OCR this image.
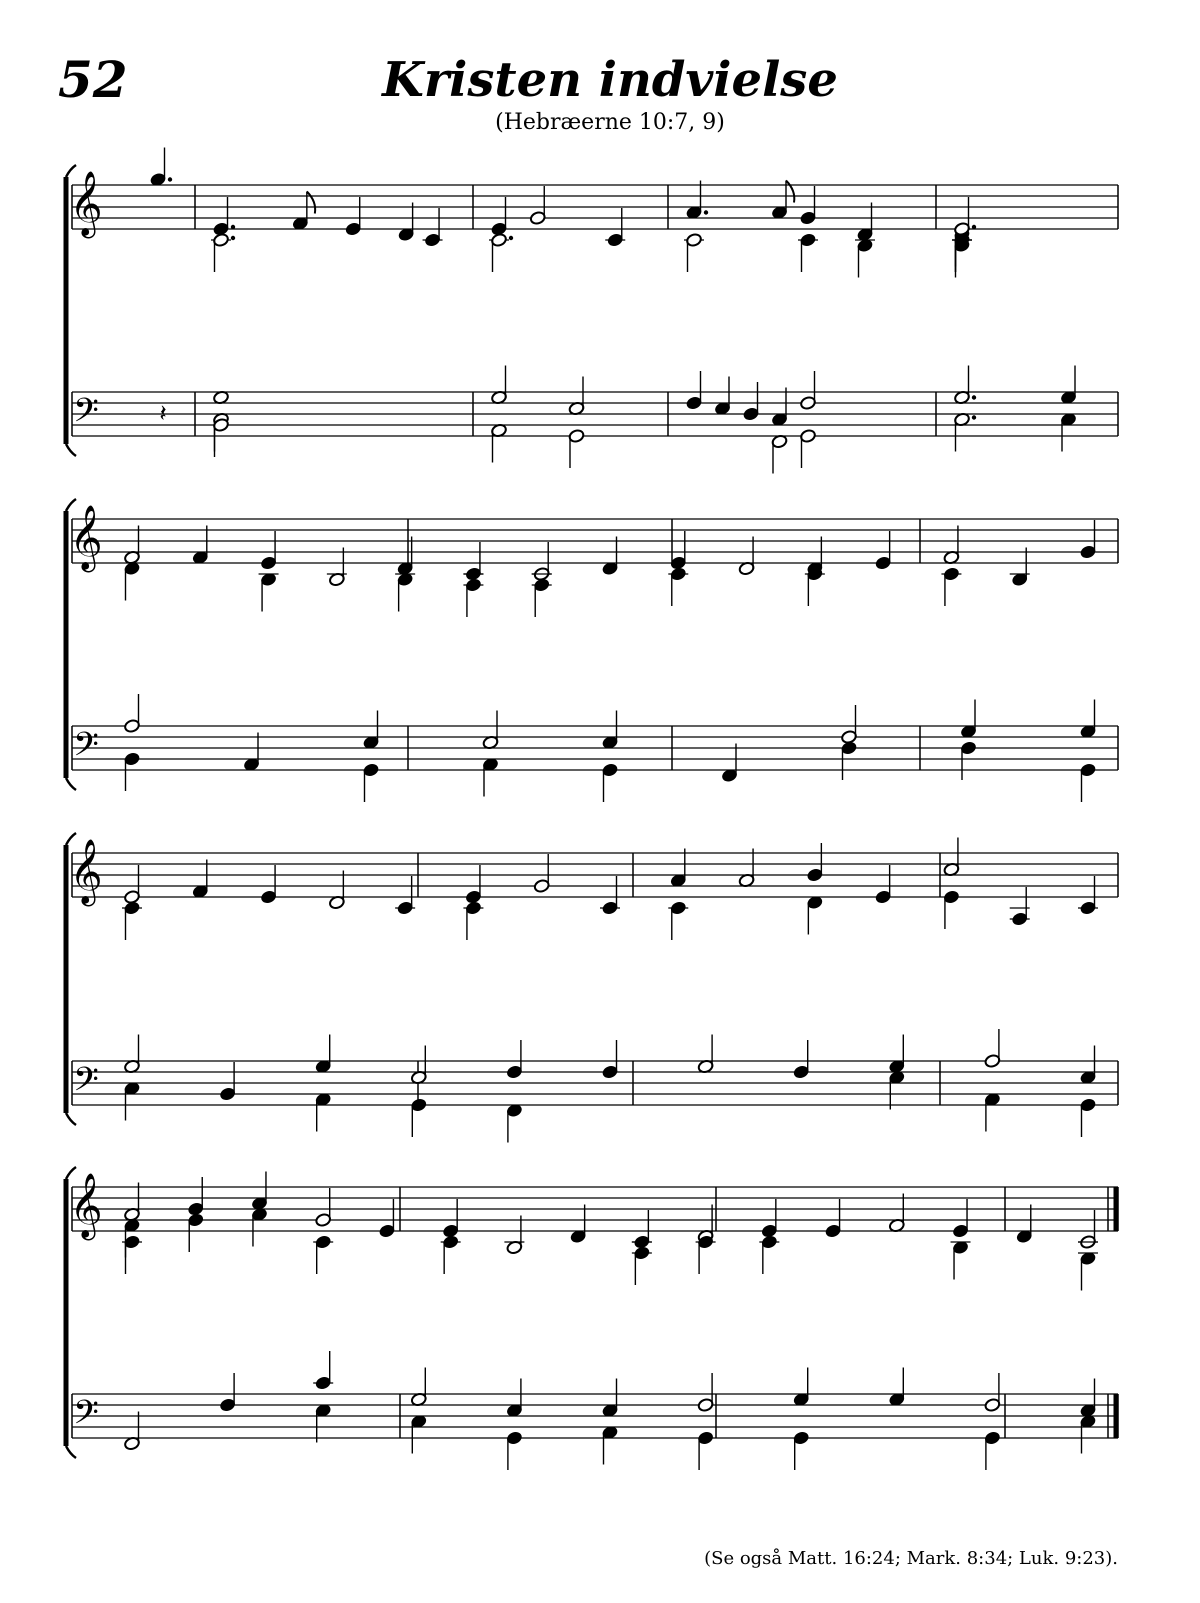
52	Kristen indvielse
(Hebræerne 10:7, 9)
𝄞
𝄢
𝄞
𝄢
𝄞
𝄢
𝄞
𝄢
𝄽
(Se også Matt. 16:24; Mark. 8:34; Luk. 9:23).
